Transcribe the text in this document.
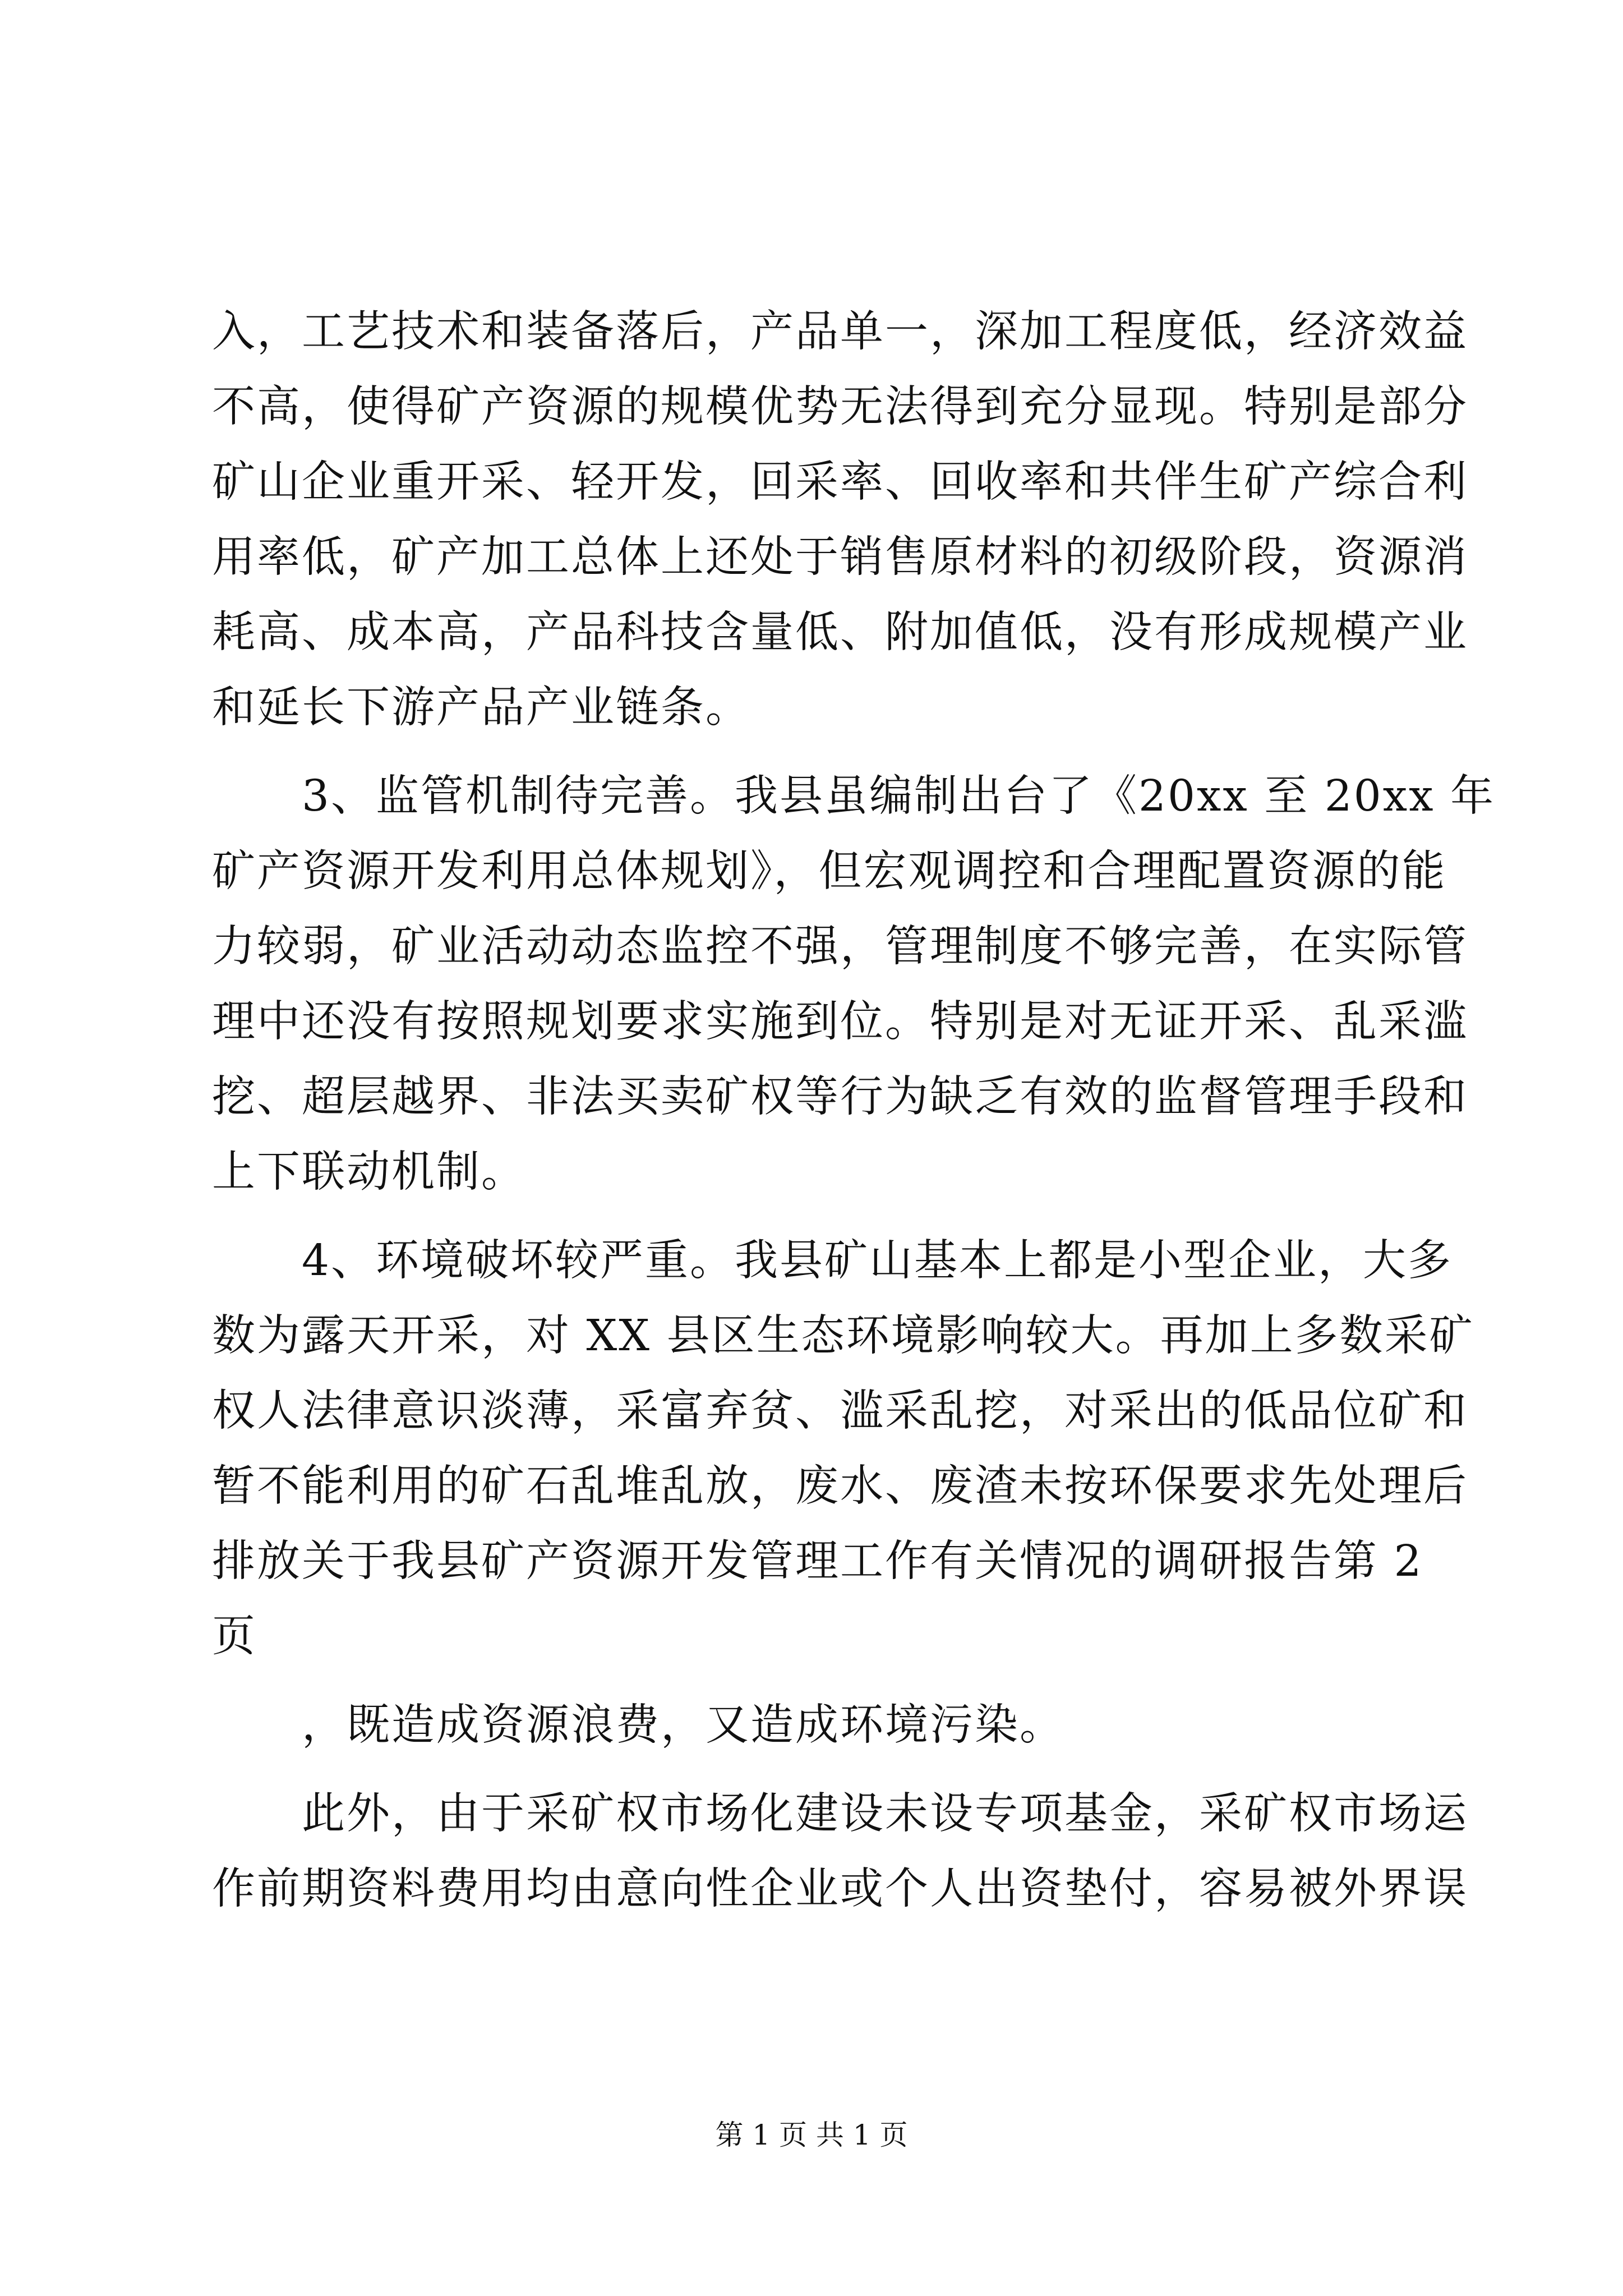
入，工艺技术和装备落后，产品单一，深加工程度低，经济效益
不高，使得矿产资源的规模优势无法得到充分显现。特别是部分
矿山企业重开采、轻开发，回采率、回收率和共伴生矿产综合利
用率低，矿产加工总体上还处于销售原材料的初级阶段，资源消
耗高、成本高，产品科技含量低、附加值低，没有形成规模产业
和延长下游产品产业链条。
　　3、监管机制待完善。我县虽编制出台了《20xx 至 20xx 年
矿产资源开发利用总体规划》，但宏观调控和合理配置资源的能
力较弱，矿业活动动态监控不强，管理制度不够完善，在实际管
理中还没有按照规划要求实施到位。特别是对无证开采、乱采滥
挖、超层越界、非法买卖矿权等行为缺乏有效的监督管理手段和
上下联动机制。
　　4、环境破坏较严重。我县矿山基本上都是小型企业，大多
数为露天开采，对 XX 县区生态环境影响较大。再加上多数采矿
权人法律意识淡薄，采富弃贫、滥采乱挖，对采出的低品位矿和
暂不能利用的矿石乱堆乱放，废水、废渣未按环保要求先处理后
排放关于我县矿产资源开发管理工作有关情况的调研报告第 2
页
　　，既造成资源浪费，又造成环境污染。
　　此外，由于采矿权市场化建设未设专项基金，采矿权市场运
作前期资料费用均由意向性企业或个人出资垫付，容易被外界误
第 1 页 共 1 页
